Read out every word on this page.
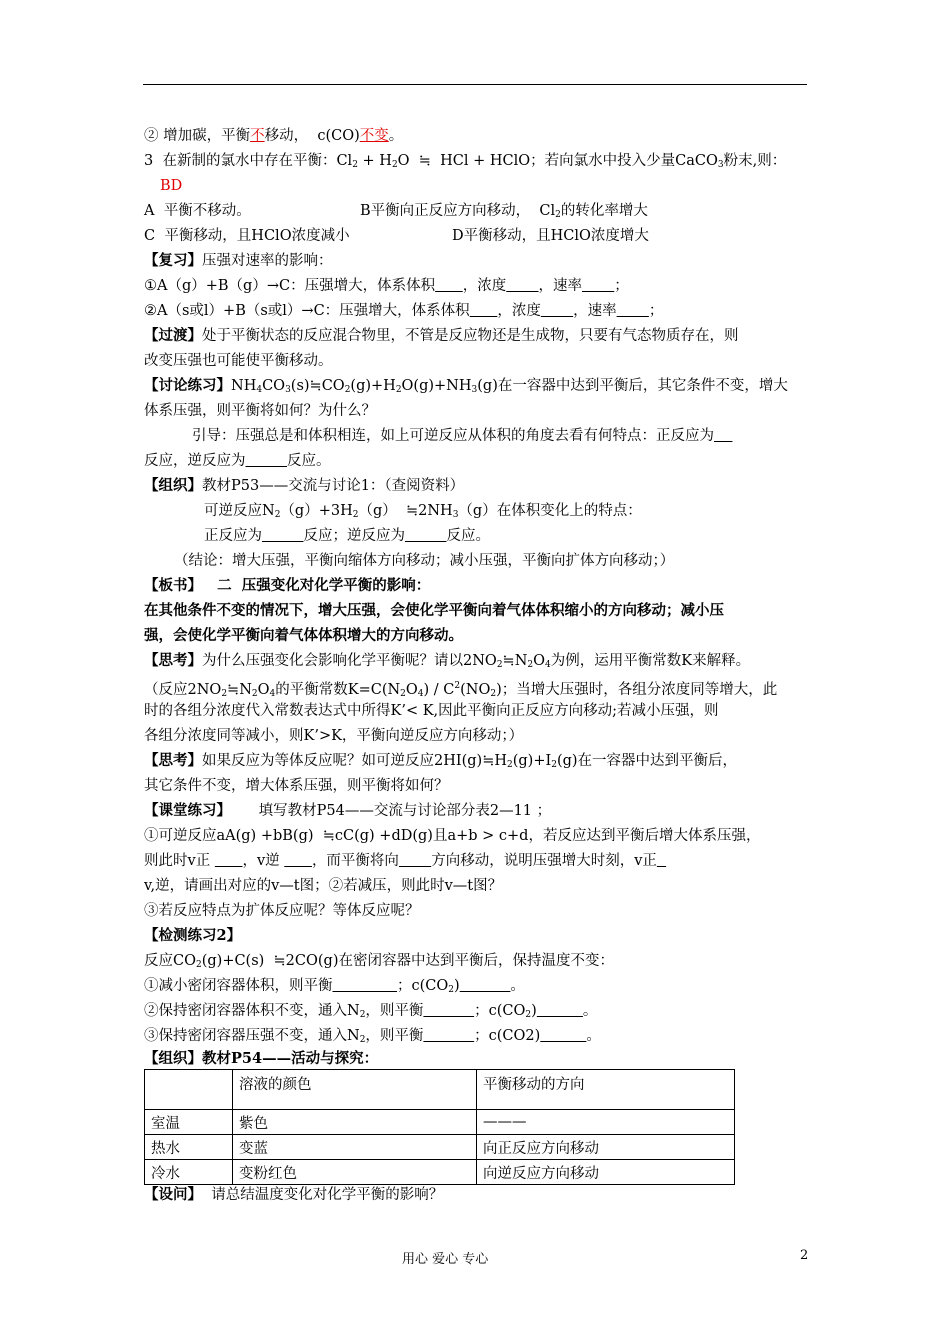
② 增加碳，平衡不移动，  c(CO)不变。
3  在新制的氯水中存在平衡：$Cl_2 + H_2O$  ≒  HCl + HClO；若向氯水中投入少量CaCO$_3$粉末,则：
BD
A  平衡不移动。	B平衡向正反应方向移动，  $Cl_2$的转化率增大
C  平衡移动，且HClO浓度减小	D平衡移动，且HClO浓度增大
【复习】压强对速率的影响：
①A（g）+B（g）→C：压强增大，体系体积 ，浓度 ，速率 ；
②A（s或l）+B（s或l）→C：压强增大，体系体积 ，浓度 ，速率 ；
【过渡】处于平衡状态的反应混合物里，不管是反应物还是生成物，只要有气态物质存在，则
改变压强也可能使平衡移动。
【讨论练习】$NH_4CO_3(s)≒CO_2(g)+H_2O(g)+NH_3(g)$在一容器中达到平衡后，其它条件不变，增大
体系压强，则平衡将如何？为什么？
引导：压强总是和体积相连，如上可逆反应从体积的角度去看有何特点：正反应为
反应，逆反应为	反应。
【组织】教材P53——交流与讨论1：（查阅资料）
可逆反应$N_2(g)+3H_2(g)$  $≒2NH_3(g)$在体积变化上的特点：
正反应为	反应；逆反应为	反应。
（结论：增大压强，平衡向缩体方向移动；减小压强，平衡向扩体方向移动；）
【板书】   二  压强变化对化学平衡的影响：
在其他条件不变的情况下，增大压强，会使化学平衡向着气体体积缩小的方向移动；减小压
强，会使化学平衡向着气体体积增大的方向移动。
【思考】为什么压强变化会影响化学平衡呢？请以$2NO_2≒N_2O_4$为例，运用平衡常数K来解释。
（反应$2NO_2≒N_2O_4$的平衡常数$K=C(N_2O_4) / C^2(NO_2)$；当增大压强时，各组分浓度同等增大，此
时的各组分浓度代入常数表达式中所得K’< K,因此平衡向正反应方向移动;若减小压强，则
各组分浓度同等减小，则K’>K，平衡向逆反应方向移动；）
【思考】如果反应为等体反应呢？如可逆反应$2HI(g)≒H_2(g)+I_2(g)$在一容器中达到平衡后，
其它条件不变，增大体系压强，则平衡将如何？
【课堂练习】      填写教材P54——交流与讨论部分表2—11 ；
①可逆反应aA(g) +bB(g)  ≒cC(g) +dD(g)且a+b > c+d，若反应达到平衡后增大体系压强，
则此时v正       ，v逆       ，而平衡将向 方向移动，说明压强增大时刻，v正
v,逆，请画出对应的v—t图；②若减压，则此时v—t图？
③若反应特点为扩体反应呢？等体反应呢？
【检测练习2】
反应$CO_2(g)+C(s)$  ≒2CO(g)在密闭容器中达到平衡后，保持温度不变：
①减小密闭容器体积，则平衡	；$c(CO_2)$	。
②保持密闭容器体积不变，通入$N_2$，则平衡	；$c(CO_2)$	。
③保持密闭容器压强不变，通入$N_2$，则平衡	；c(CO2)	。
【组织】教材P54——活动与探究：
	溶液的颜色	平衡移动的方向
室温	紫色	———
热水	变蓝	向正反应方向移动
冷水	变粉红色	向逆反应方向移动
【设问】  请总结温度变化对化学平衡的影响？
用心 爱心 专心	2
